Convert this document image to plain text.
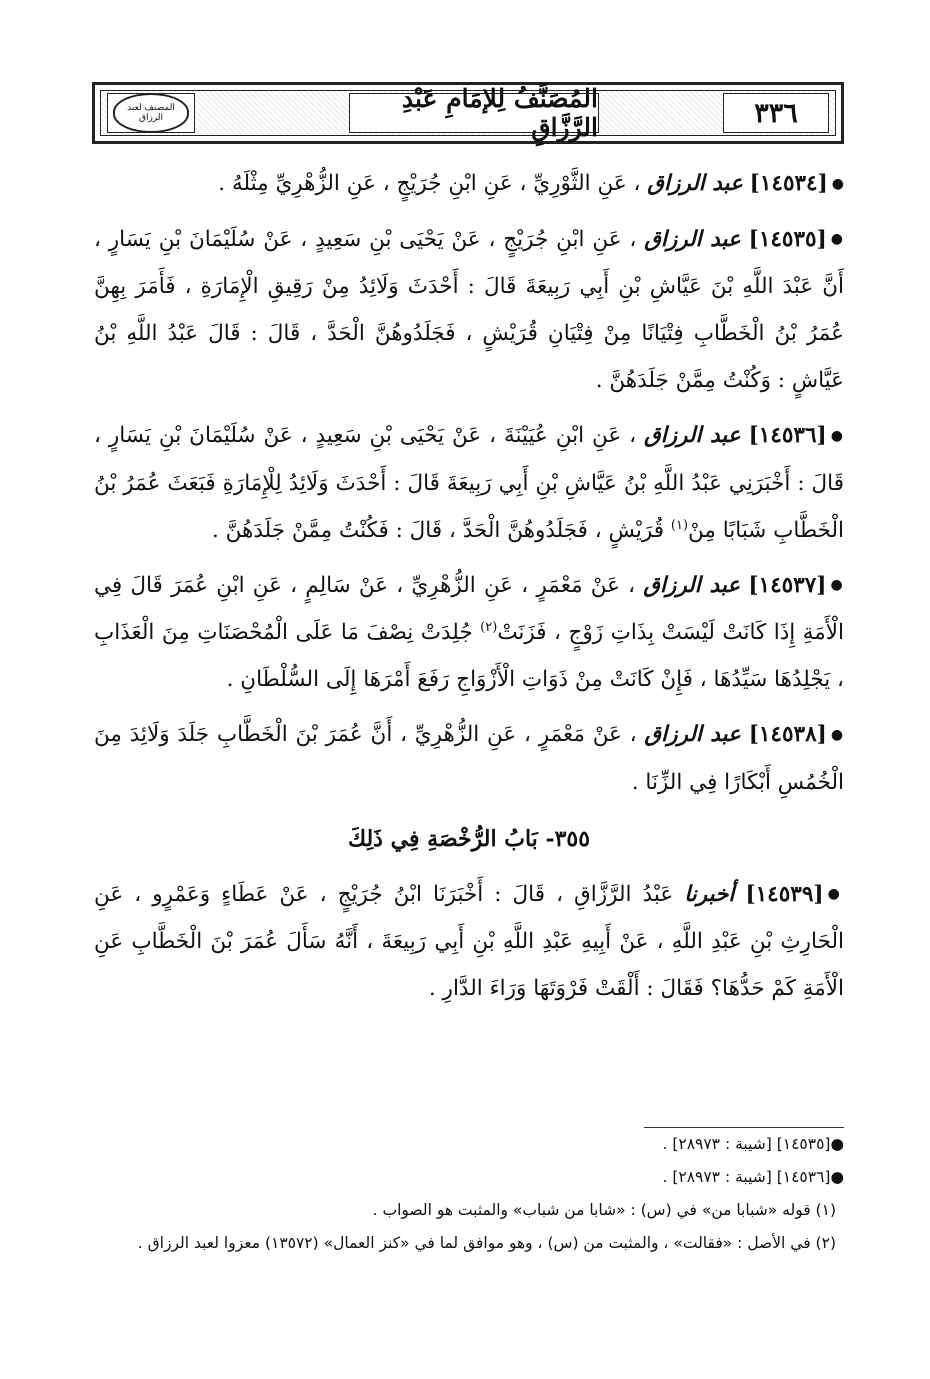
٣٣٦
المُصَنَّفُ لِلإمَامِ عَبْدِ الرَّزَّاقِ
المصنف لعبد الرزاق

●[١٤٥٣٤] عبد الرزاق ، عَنِ الثَّوْرِيِّ ، عَنِ ابْنِ جُرَيْجٍ ، عَنِ الزُّهْرِيِّ مِثْلَهُ .

●[١٤٥٣٥] عبد الرزاق ، عَنِ ابْنِ جُرَيْجٍ ، عَنْ يَحْيَى بْنِ سَعِيدٍ ، عَنْ سُلَيْمَانَ بْنِ يَسَارٍ ، أَنَّ عَبْدَ اللَّهِ بْنَ عَيَّاشِ بْنِ أَبِي رَبِيعَةَ قَالَ : أَحْدَثَ وَلَائِدُ مِنْ رَقِيقِ الْإِمَارَةِ ، فَأَمَرَ بِهِنَّ عُمَرُ بْنُ الْخَطَّابِ فِتْيَانًا مِنْ فِتْيَانِ قُرَيْشٍ ، فَجَلَدُوهُنَّ الْحَدَّ ، قَالَ : قَالَ عَبْدُ اللَّهِ بْنُ عَيَّاشٍ : وَكُنْتُ مِمَّنْ جَلَدَهُنَّ .

●[١٤٥٣٦] عبد الرزاق ، عَنِ ابْنِ عُيَيْنَةَ ، عَنْ يَحْيَى بْنِ سَعِيدٍ ، عَنْ سُلَيْمَانَ بْنِ يَسَارٍ ، قَالَ : أَخْبَرَنِي عَبْدُ اللَّهِ بْنُ عَيَّاشِ بْنِ أَبِي رَبِيعَةَ قَالَ : أَحْدَثَ وَلَائِدُ لِلْإِمَارَةِ فَبَعَثَ عُمَرُ بْنُ الْخَطَّابِ شَبَابًا مِنْ$^{(١)}$ قُرَيْشٍ ، فَجَلَدُوهُنَّ الْحَدَّ ، قَالَ : فَكُنْتُ مِمَّنْ جَلَدَهُنَّ .

●[١٤٥٣٧] عبد الرزاق ، عَنْ مَعْمَرٍ ، عَنِ الزُّهْرِيِّ ، عَنْ سَالِمٍ ، عَنِ ابْنِ عُمَرَ قَالَ فِي الْأَمَةِ إِذَا كَانَتْ لَيْسَتْ بِذَاتِ زَوْجٍ ، فَزَنَتْ$^{(٢)}$ جُلِدَتْ نِصْفَ مَا عَلَى الْمُحْصَنَاتِ مِنَ الْعَذَابِ ، يَجْلِدُهَا سَيِّدُهَا ، فَإِنْ كَانَتْ مِنْ ذَوَاتِ الْأَزْوَاجِ رَفَعَ أَمْرَهَا إِلَى السُّلْطَانِ .

●[١٤٥٣٨] عبد الرزاق ، عَنْ مَعْمَرٍ ، عَنِ الزُّهْرِيِّ ، أَنَّ عُمَرَ بْنَ الْخَطَّابِ جَلَدَ وَلَائِدَ مِنَ الْخُمُسِ أَبْكَارًا فِي الزِّنَا .

٣٥٥- بَابُ الرُّخْصَةِ فِي ذَلِكَ

●[١٤٥٣٩] أخبرنا عَبْدُ الرَّزَّاقِ ، قَالَ : أَخْبَرَنَا ابْنُ جُرَيْجٍ ، عَنْ عَطَاءٍ وَعَمْرٍو ، عَنِ الْحَارِثِ بْنِ عَبْدِ اللَّهِ ، عَنْ أَبِيهِ عَبْدِ اللَّهِ بْنِ أَبِي رَبِيعَةَ ، أَنَّهُ سَأَلَ عُمَرَ بْنَ الْخَطَّابِ عَنِ الْأَمَةِ كَمْ حَدُّهَا؟ فَقَالَ : أَلْقَتْ فَرْوَتَهَا وَرَاءَ الدَّارِ .

●[١٤٥٣٥] [شيبة : ٢٨٩٧٣] .

●[١٤٥٣٦] [شيبة : ٢٨٩٧٣] .

(١) قوله «شبابا من» في (س) : «شابا من شباب» والمثبت هو الصواب .

(٢) في الأصل : «فقالت» ، والمثبت من (س) ، وهو موافق لما في «كنز العمال» (١٣٥٧٢) معزوا لعبد الرزاق .
